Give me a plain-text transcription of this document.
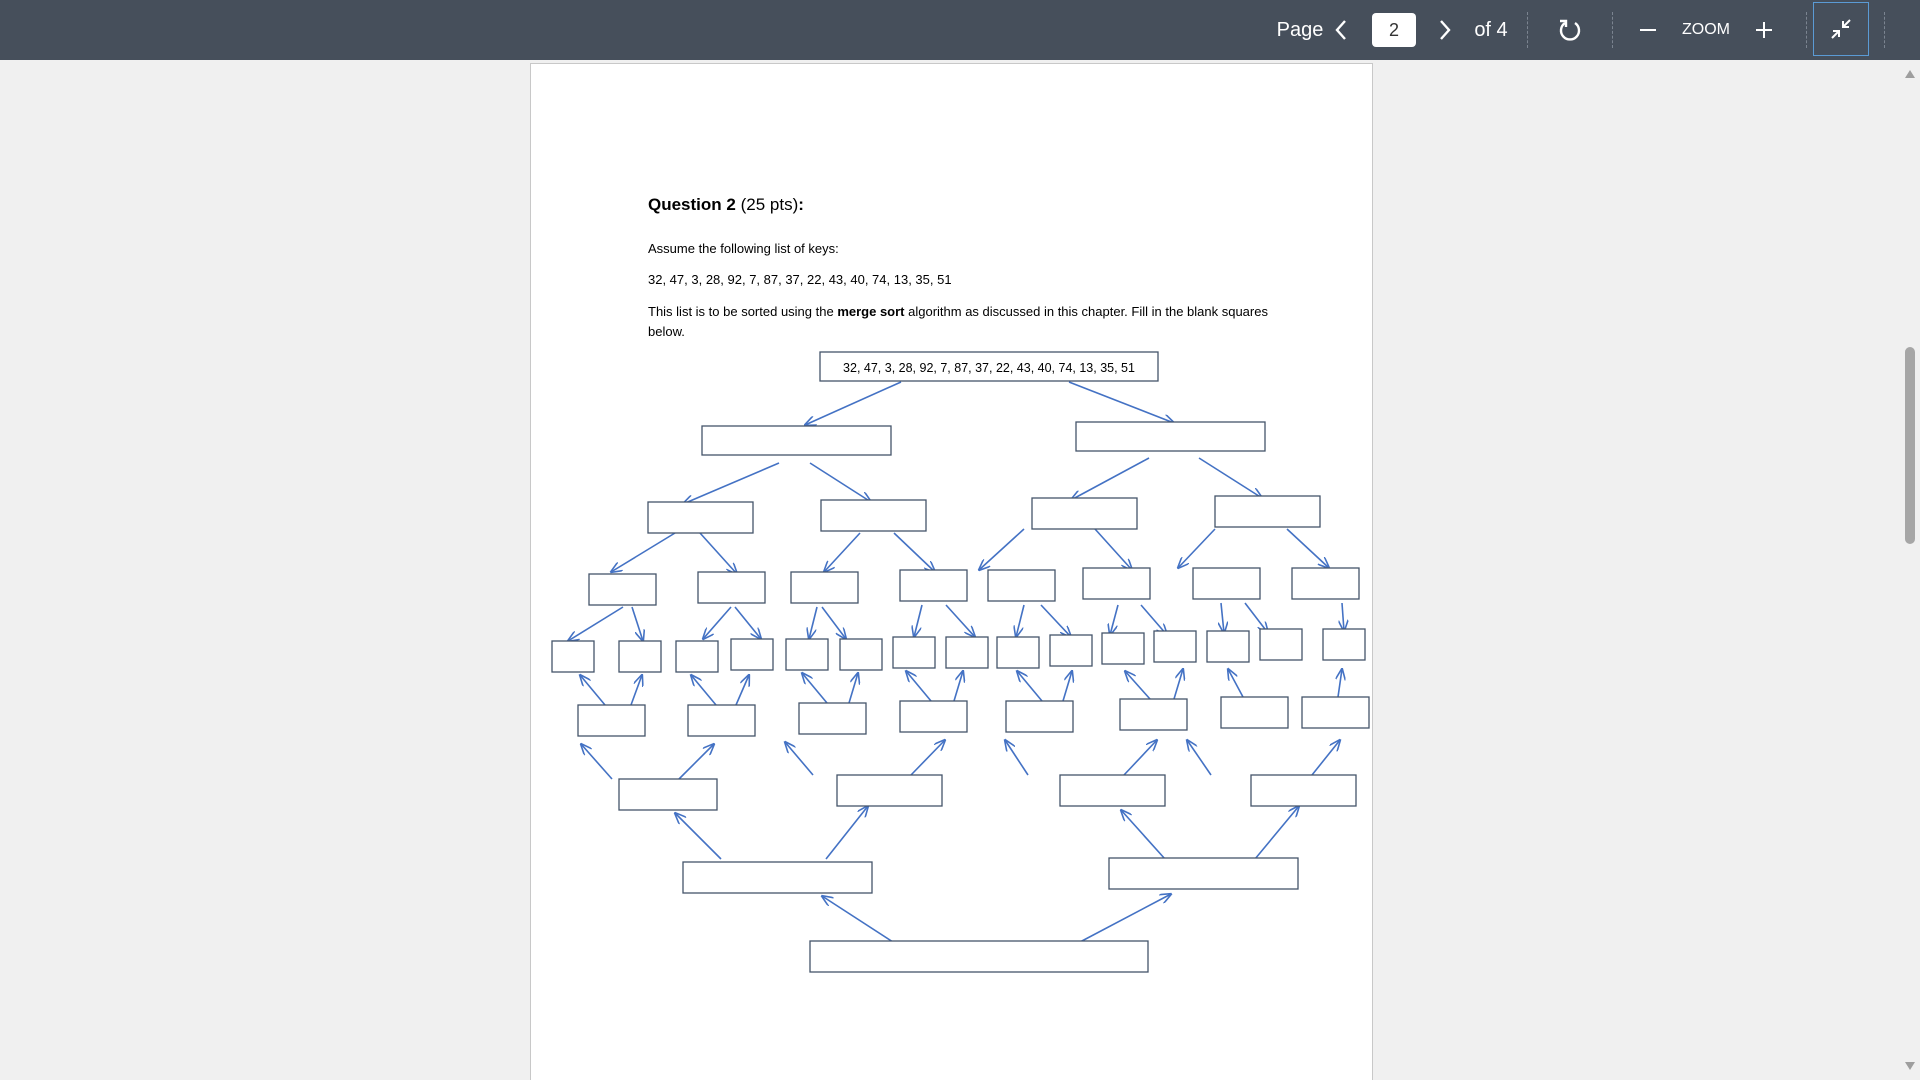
Page
2	of 4	ZOOM
Question 2 (25 pts):
Assume the following list of keys:
32, 47, 3, 28, 92, 7, 87, 37, 22, 43, 40, 74, 13, 35, 51
This list is to be sorted using the merge sort algorithm as discussed in this chapter. Fill in the blank squares
below.
32, 47, 3, 28, 92, 7, 87, 37, 22, 43, 40, 74, 13, 35, 51
